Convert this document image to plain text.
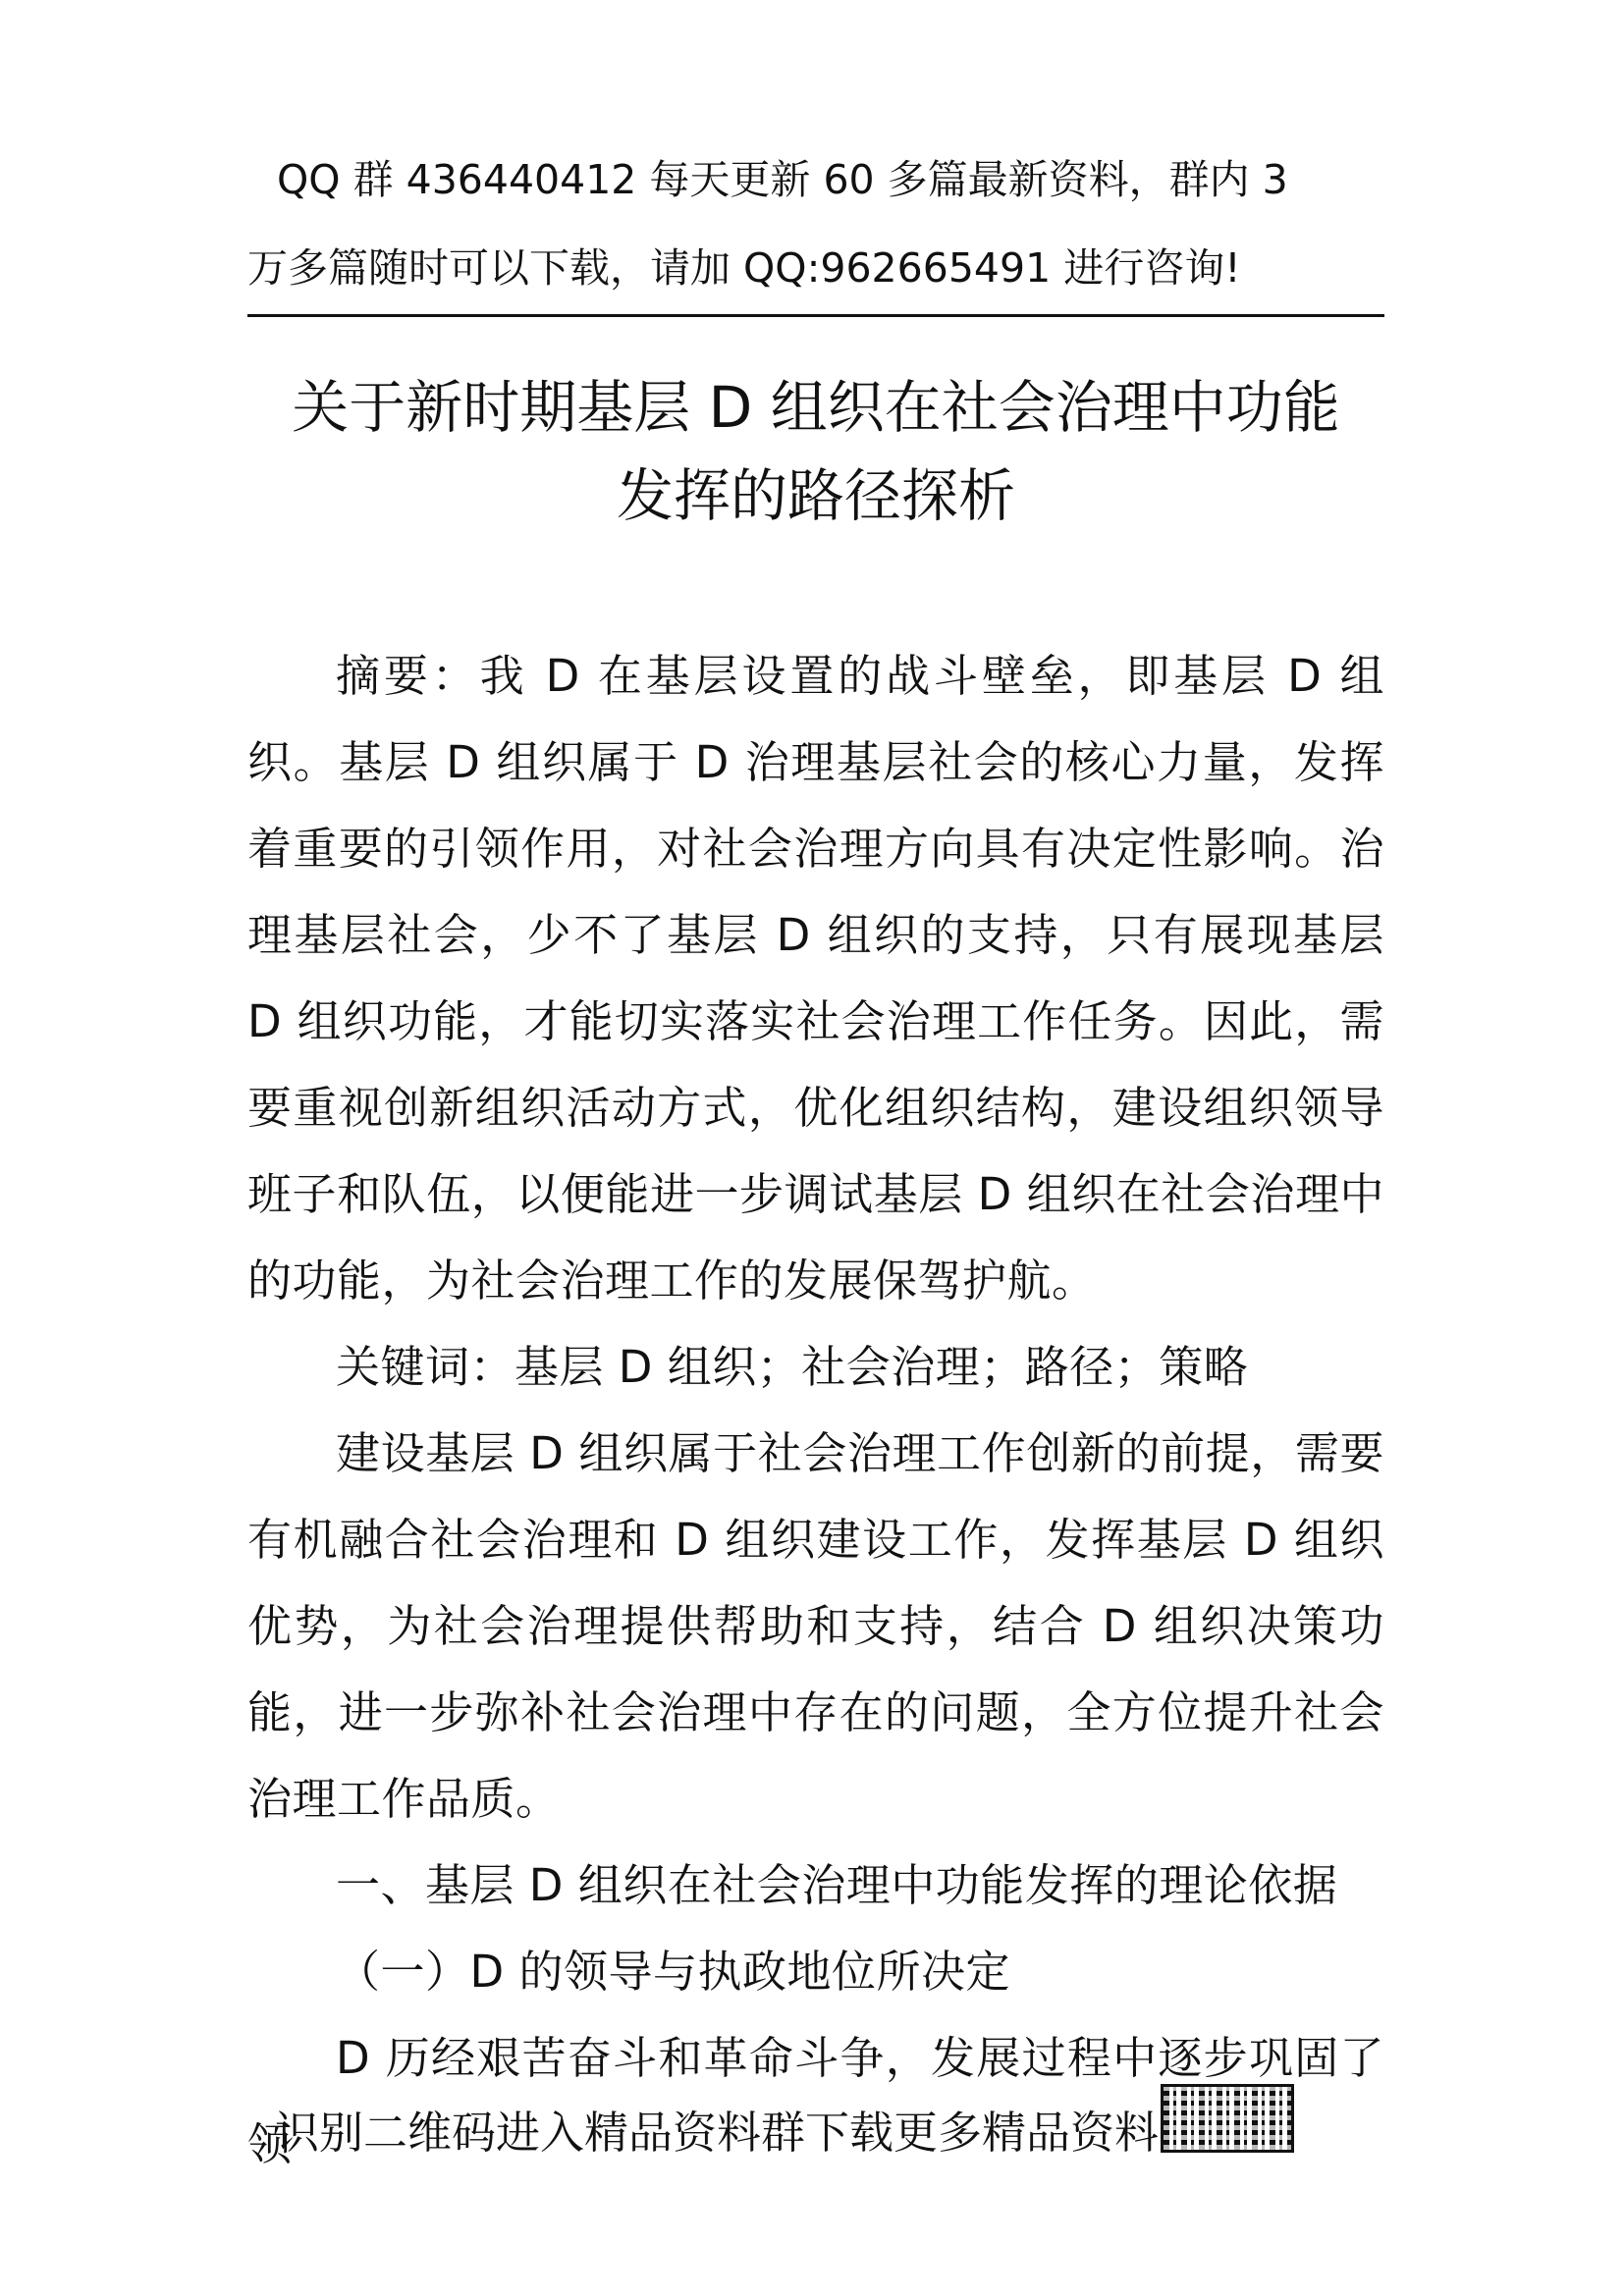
QQ 群 436440412 每天更新 60 多篇最新资料，群内 3
万多篇随时可以下载，请加 QQ:962665491 进行咨询!
关于新时期基层 D 组织在社会治理中功能
发挥的路径探析

摘要：我 D 在基层设置的战斗壁垒，即基层 D 组织。基层 D 组织属于 D 治理基层社会的核心力量，发挥着重要的引领作用，对社会治理方向具有决定性影响。治理基层社会，少不了基层 D 组织的支持，只有展现基层 D 组织功能，才能切实落实社会治理工作任务。因此，需要重视创新组织活动方式，优化组织结构，建设组织领导班子和队伍，以便能进一步调试基层 D 组织在社会治理中的功能，为社会治理工作的发展保驾护航。

关键词：基层 D 组织；社会治理；路径；策略

建设基层 D 组织属于社会治理工作创新的前提，需要有机融合社会治理和 D 组织建设工作，发挥基层 D 组织优势，为社会治理提供帮助和支持，结合 D 组织决策功能，进一步弥补社会治理中存在的问题，全方位提升社会治理工作品质。

一、基层 D 组织在社会治理中功能发挥的理论依据

（一）D 的领导与执政地位所决定

D 历经艰苦奋斗和革命斗争，发展过程中逐步巩固了领

识别二维码进入精品资料群下载更多精品资料
